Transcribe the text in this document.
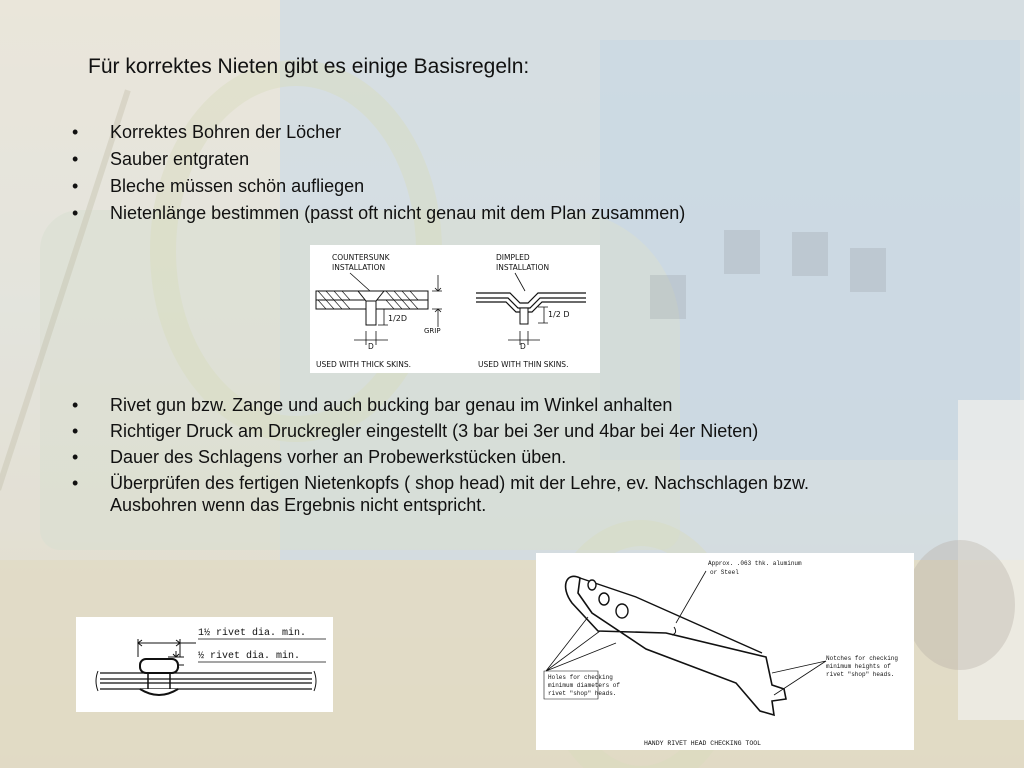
Für korrektes Nieten gibt es einige Basisregeln:
• Korrektes Bohren der Löcher
• Sauber entgraten
• Bleche müssen schön aufliegen
• Nietenlänge bestimmen (passt oft nicht genau mit dem Plan zusammen)
COUNTERSUNK
INSTALLATION
DIMPLED
INSTALLATION
1/2D
GRIP
D
1/2 D
D
USED WITH THICK SKINS.	USED WITH THIN SKINS.
• Rivet gun bzw. Zange und auch bucking bar genau im Winkel anhalten
• Richtiger Druck am Druckregler eingestellt (3 bar bei 3er und 4bar bei 4er Nieten)
• Dauer des Schlagens vorher an Probewerkstücken üben.
• Überprüfen des fertigen Nietenkopfs ( shop head) mit der Lehre, ev. Nachschlagen bzw. Ausbohren wenn das Ergebnis nicht entspricht.
1½ rivet dia. min.
½ rivet dia. min.
Approx. .063 thk. aluminum
or Steel
Notches for checking
minimum heights of
rivet "shop" heads.
Holes for checking
minimum diameters of
rivet "shop" heads.
HANDY RIVET HEAD CHECKING TOOL
